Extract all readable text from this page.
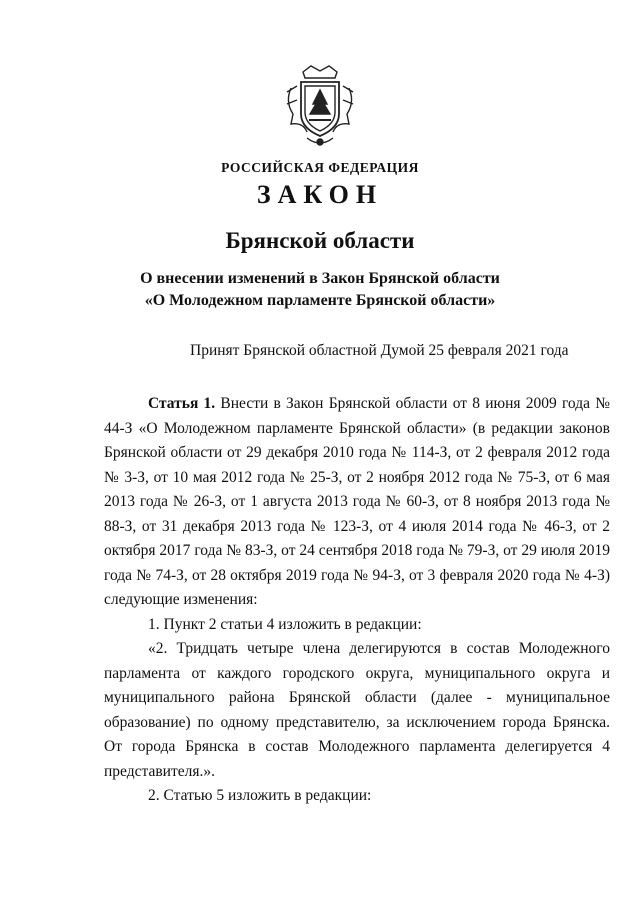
РОССИЙСКАЯ ФЕДЕРАЦИЯ
ЗАКОН
Брянской области
О внесении изменений в Закон Брянской области
«О Молодежном парламенте Брянской области»
Принят Брянской областной Думой 25 февраля 2021 года

Статья 1. Внести в Закон Брянской области от 8 июня 2009 года № 44-З «О Молодежном парламенте Брянской области» (в редакции законов Брянской области от 29 декабря 2010 года № 114-З, от 2 февраля 2012 года № 3-З, от 10 мая 2012 года № 25-З, от 2 ноября 2012 года № 75-З, от 6 мая 2013 года № 26-З, от 1 августа 2013 года № 60-З, от 8 ноября 2013 года № 88-З, от 31 декабря 2013 года № 123-З, от 4 июля 2014 года № 46-З, от 2 октября 2017 года № 83-З, от 24 сентября 2018 года № 79-З, от 29 июля 2019 года № 74-З, от 28 октября 2019 года № 94-З, от 3 февраля 2020 года № 4-З) следующие изменения:

1. Пункт 2 статьи 4 изложить в редакции:

«2. Тридцать четыре члена делегируются в состав Молодежного парламента от каждого городского округа, муниципального округа и муниципального района Брянской области (далее - муниципальное образование) по одному представителю, за исключением города Брянска. От города Брянска в состав Молодежного парламента делегируется 4 представителя.».

2. Статью 5 изложить в редакции:
